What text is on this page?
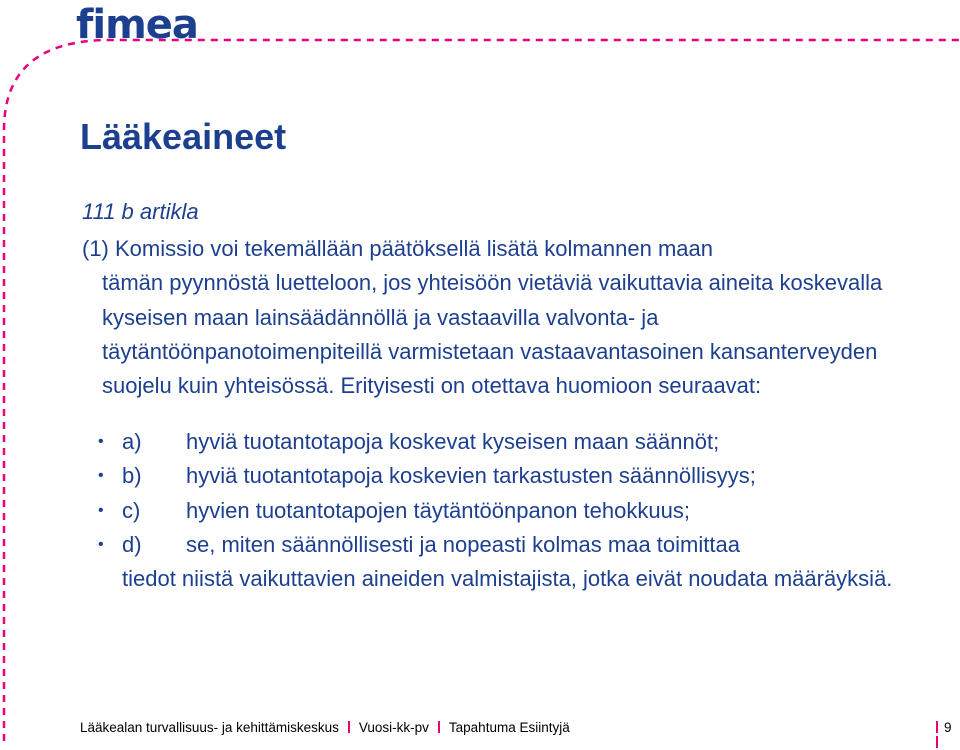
fimea
Lääkeaineet
111 b artikla
(1) Komissio voi tekemällään päätöksellä lisätä kolmannen maan
tämän pyynnöstä luetteloon, jos yhteisöön vietäviä vaikuttavia aineita koskevalla kyseisen maan lainsäädännöllä ja vastaavilla valvonta- ja täytäntöönpanotoimenpiteillä varmistetaan vastaavantasoinen kansanterveyden suojelu kuin yhteisössä. Erityisesti on otettava huomioon seuraavat:
• a) hyviä tuotantotapoja koskevat kyseisen maan säännöt;
• b) hyviä tuotantotapoja koskevien tarkastusten säännöllisyys;
• c) hyvien tuotantotapojen täytäntöönpanon tehokkuus;
• d) se, miten säännöllisesti ja nopeasti kolmas maa toimittaa
tiedot niistä vaikuttavien aineiden valmistajista, jotka eivät noudata määräyksiä.
Lääkealan turvallisuus- ja kehittämiskeskus Vuosi-kk-pv Tapahtuma Esiintyjä	9
